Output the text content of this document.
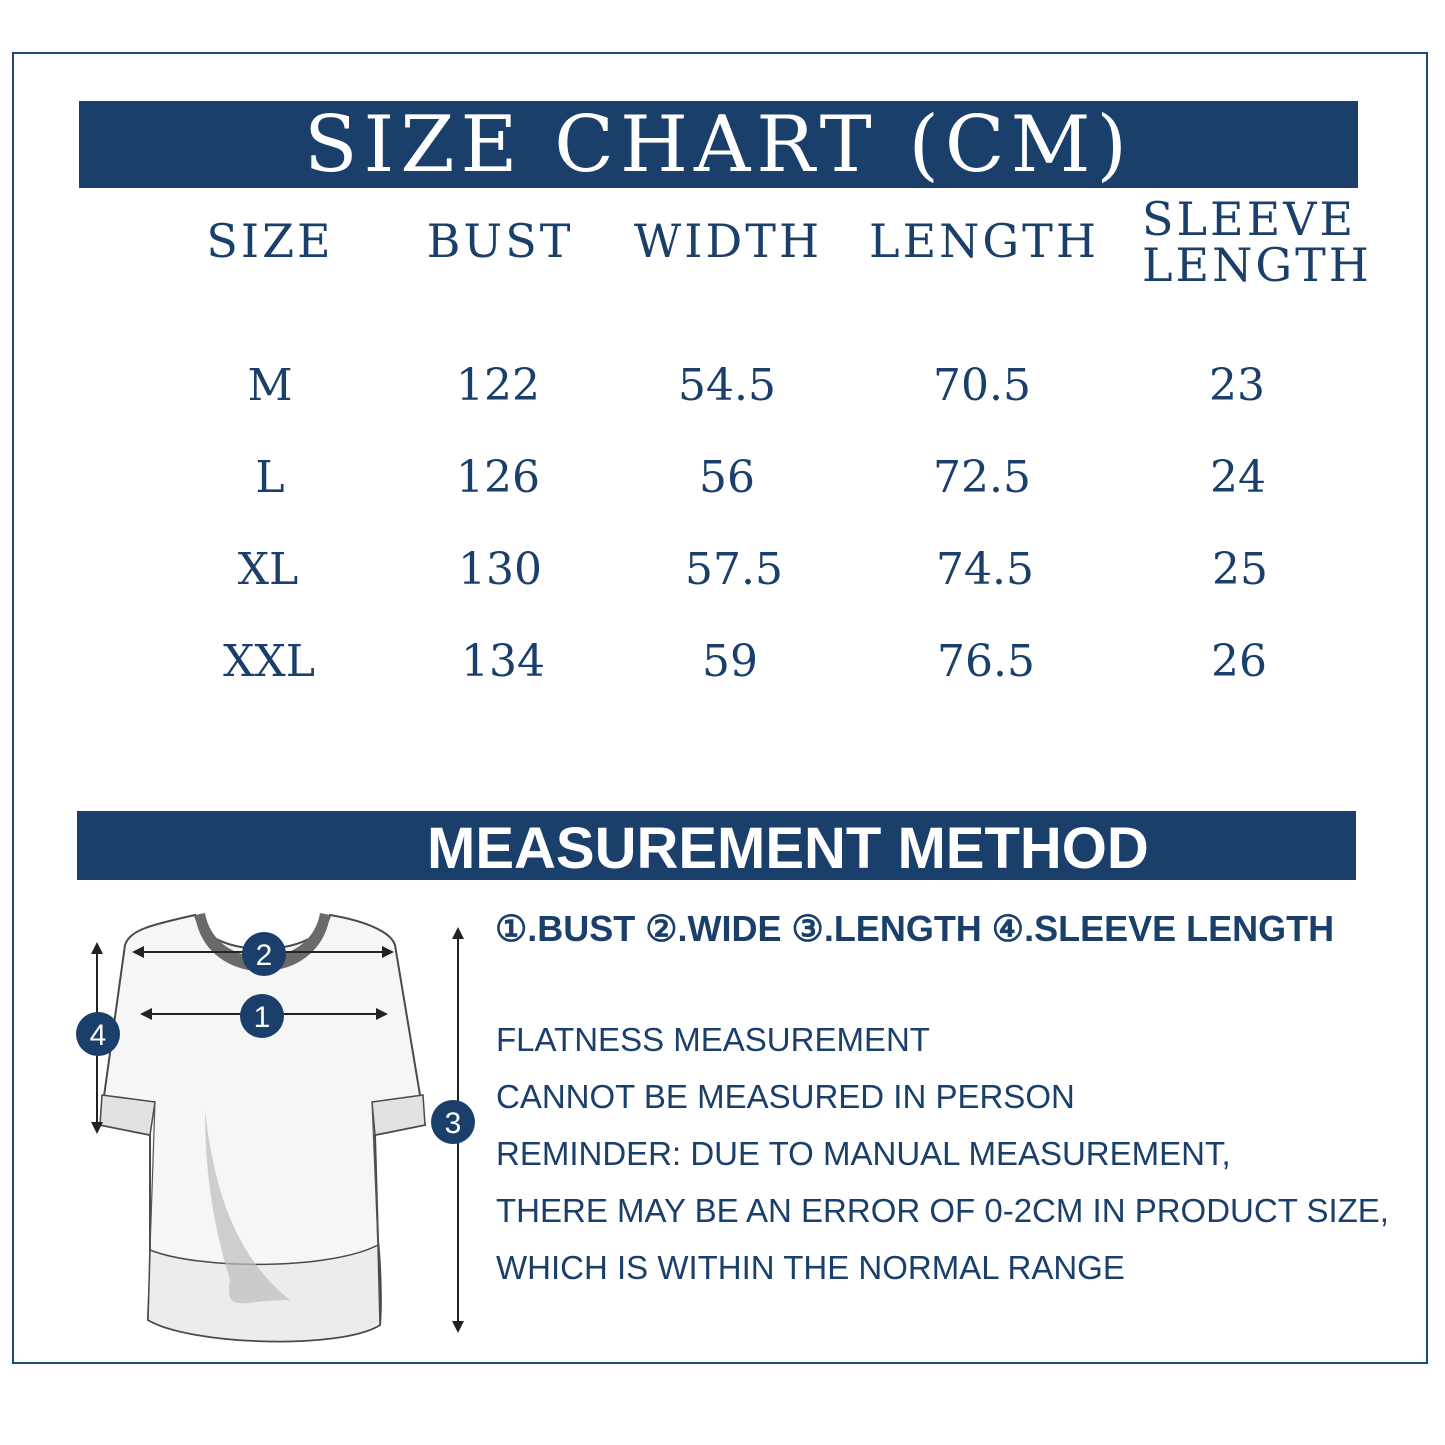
SIZE CHART (CM)
SIZE BUST WIDTH LENGTH SLEEVE LENGTH
M	122	54.5	70.5	23
L	126	56	72.5	24
XL	130	57.5	74.5	25
XXL	134	59	76.5	26
MEASUREMENT METHOD
1
2
3
4
①.BUST ②.WIDE ③.LENGTH ④.SLEEVE LENGTH
FLATNESS MEASUREMENT
CANNOT BE MEASURED IN PERSON
REMINDER: DUE TO MANUAL MEASUREMENT,
THERE MAY BE AN ERROR OF 0-2CM IN PRODUCT SIZE,
WHICH IS WITHIN THE NORMAL RANGE
